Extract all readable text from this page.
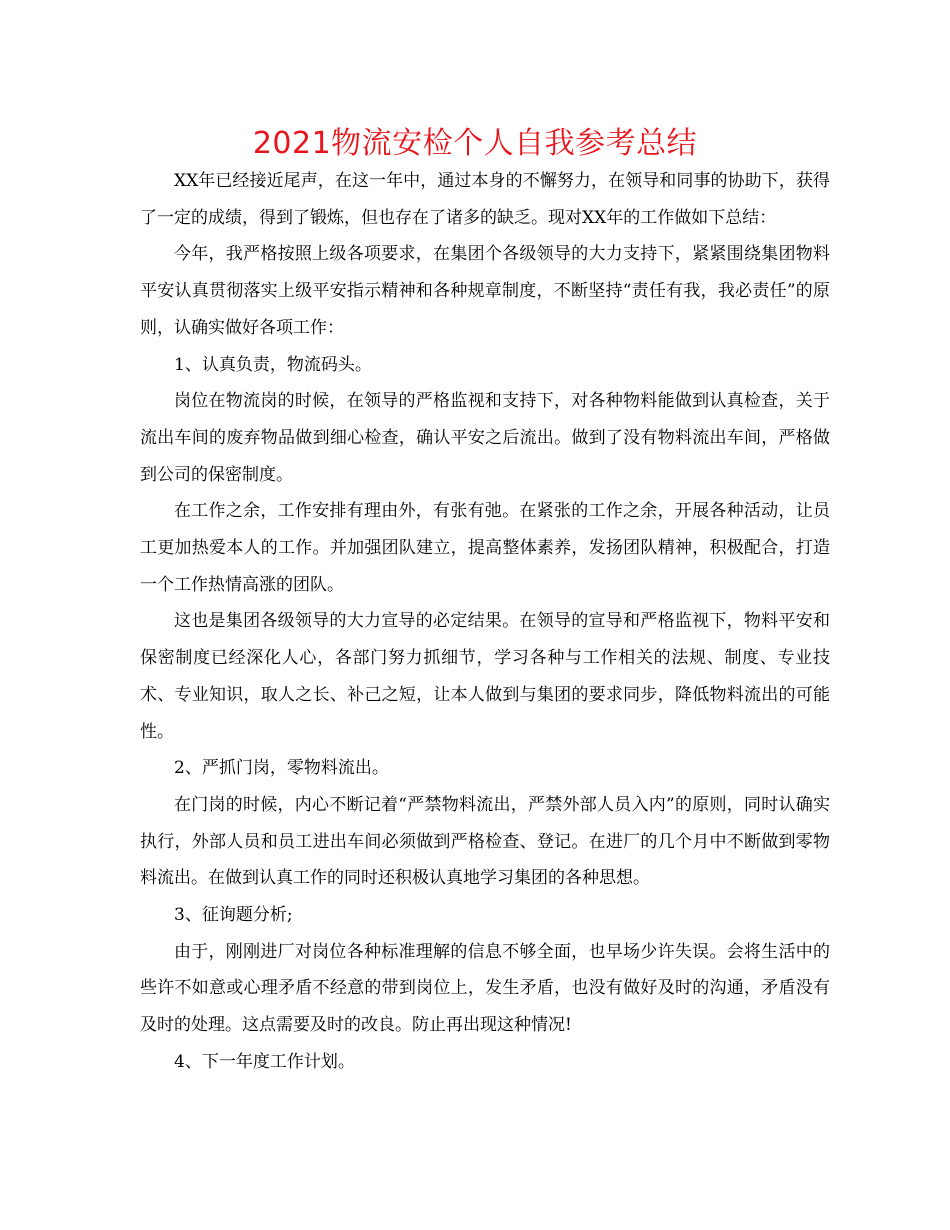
2021物流安检个人自我参考总结

XX年已经接近尾声，在这一年中，通过本身的不懈努力，在领导和同事的协助下，获得了一定的成绩，得到了锻炼，但也存在了诸多的缺乏。现对XX年的工作做如下总结：

今年，我严格按照上级各项要求，在集团个各级领导的大力支持下，紧紧围绕集团物料平安认真贯彻落实上级平安指示精神和各种规章制度，不断坚持“责任有我，我必责任”的原则，认确实做好各项工作：

1、认真负责，物流码头。

岗位在物流岗的时候，在领导的严格监视和支持下，对各种物料能做到认真检查，关于流出车间的废弃物品做到细心检查，确认平安之后流出。做到了没有物料流出车间，严格做到公司的保密制度。

在工作之余，工作安排有理由外，有张有弛。在紧张的工作之余，开展各种活动，让员工更加热爱本人的工作。并加强团队建立，提高整体素养，发扬团队精神，积极配合，打造一个工作热情高涨的团队。

这也是集团各级领导的大力宣导的必定结果。在领导的宣导和严格监视下，物料平安和保密制度已经深化人心，各部门努力抓细节，学习各种与工作相关的法规、制度、专业技术、专业知识，取人之长、补己之短，让本人做到与集团的要求同步，降低物料流出的可能性。

2、严抓门岗，零物料流出。

在门岗的时候，内心不断记着“严禁物料流出，严禁外部人员入内”的原则，同时认确实执行，外部人员和员工进出车间必须做到严格检查、登记。在进厂的几个月中不断做到零物料流出。在做到认真工作的同时还积极认真地学习集团的各种思想。

3、征询题分析;

由于，刚刚进厂对岗位各种标准理解的信息不够全面，也早场少许失误。会将生活中的些许不如意或心理矛盾不经意的带到岗位上，发生矛盾，也没有做好及时的沟通，矛盾没有及时的处理。这点需要及时的改良。防止再出现这种情况!

4、下一年度工作计划。
